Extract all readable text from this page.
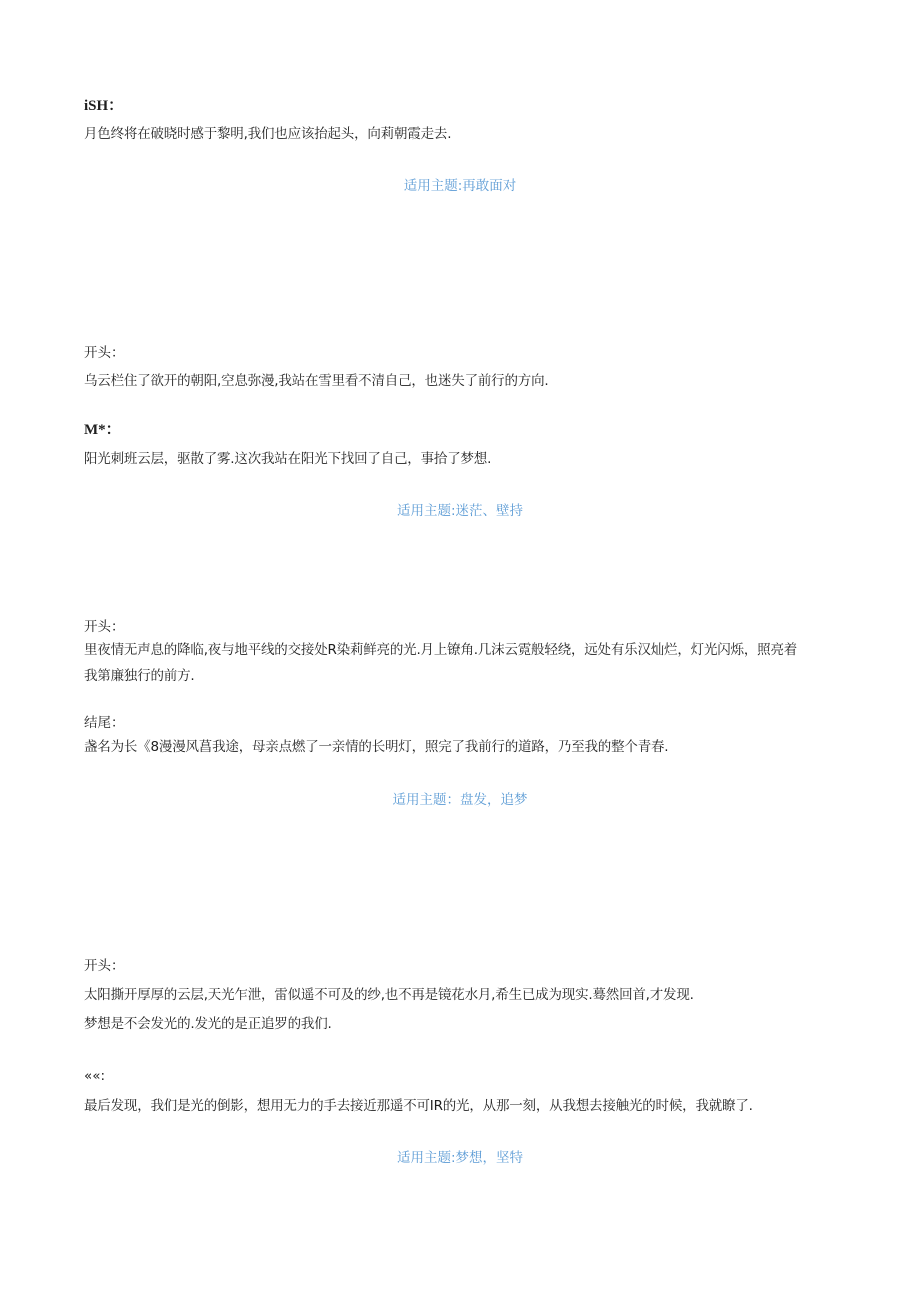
iSH：
月色终将在破晓时感于黎明,我们也应该抬起头，向莉朝霞走去.
适用主题:再敢面对
开头：
乌云栏住了欲开的朝阳,空息弥漫,我站在雪里看不清自己，也迷失了前行的方向.
M*：
阳光刺班云层，驱散了雾.这次我站在阳光下找回了自己，事拾了梦想.
适用主题:迷茫、壁持
开头：
里夜情无声息的降临,夜与地平线的交接处R染莉鲜亮的光.月上镣角.几沫云霓般轻绕，远处有乐汉灿烂，灯光闪烁，照亮着
我第廉独行的前方.
结尾：
盏名为长《8漫漫风菖我途，母亲点燃了一亲情的长明灯，照完了我前行的道路，乃至我的整个青春.
适用主题：盘发，追梦
开头：
太阳撕开厚厚的云层,天光乍泄，雷似遥不可及的纱,也不再是镜花水月,希生已成为现实.蓦然回首,才发现.
梦想是不会发光的.发光的是正追罗的我们.
««:
最后发现，我们是光的倒影，想用无力的手去接近那遥不可IR的光，从那一刻，从我想去接触光的时候，我就瞭了.
适用主题:梦想，坚特
